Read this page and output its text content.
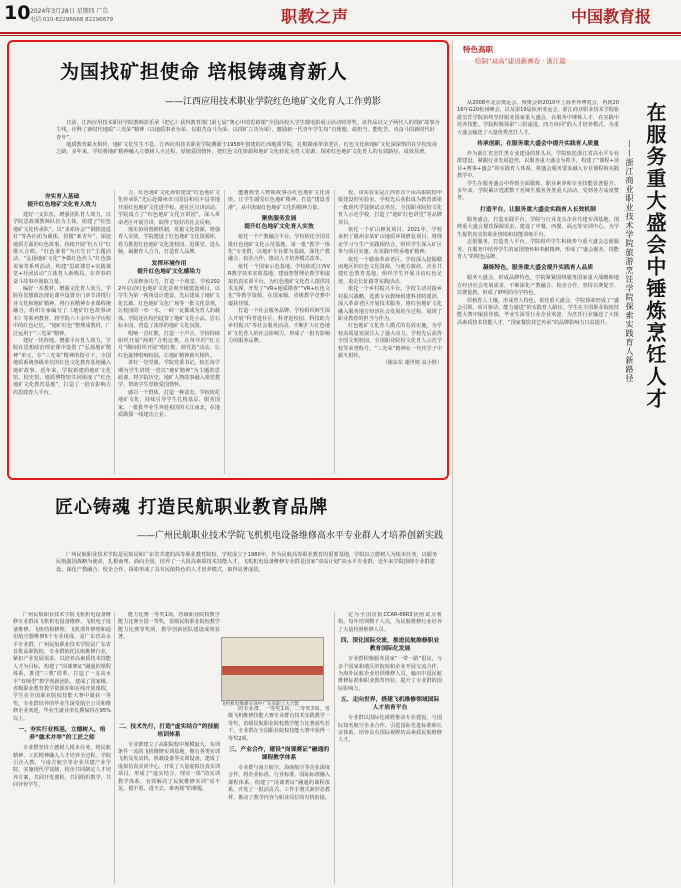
10 2024年3月28日 星期四 广告
电话:010-82296668 82296879	职教之声	中国教育报
为国找矿担使命 培根铸魂育新人
——江西应用技术职业学院红色地矿文化育人工作剪影

日前，江西应用技术职业学院教师彭乐承《把心》获得教育部门第七届“奥心中的思政课”全国高校大学生微电影展示活动特等奖。该作品以父子两代人的找矿故事为主线，诠释了新时代地质“三光荣”精神（以地质事业为荣、以艰苦奋斗为荣、以找矿立功为荣），激励新一代青年学生每“有理想、敢担当、能吃苦、肯奋斗的新时代好青年”。

地质教育薪火相传，地矿文化生生不息。江西应用技术职业学院溯源于1958年创建的江西地质学院，扎根赣南革命老区，红色文化和地矿文化深深烙印在学校发展之路。多年来，学校将地矿精神融入立德树人全过程，厚植爱国情怀，把红色文化资源和地矿文化转化为育人资源，探索红色地矿文化育人的有效路径，成效显著。

夯实育人基础
提升红色地矿文化育人效力

建好一支队伍。增强团队育人效力，以学院思政课教师队伍为主体，组建了“红色地矿文化传承队”，以“求索协会”“钢铁逍遥社”等各社团为载体，招揽“新青年”，深挖地质方面的红色故事，持续开展“红五月”红歌大合唱、“红色拿着”为庆生日”主题活动，“弘扬地矿文化”争做红色传人”红色演说家等系列活动，构建“思政课堂+实践课堂+社团活动”立体育人新格局，在青春的奋斗故事中汲取力量。

编好一本教材。增强文化育人效力，学院在思想政治理论课中设置专门章节讲授行业文化和地矿精神，将行业精神专业课程统融合，组织专家编写了《地矿红色故事读本》等系列教材，将学院六十余年办学历程中的红色记忆、“地矿红色”整理成教材，广泛运用于“三光荣”精神。

建好一块阵地。增强平台育人效力，学院在思想政治理论课中设置了“弘扬地矿精神”单元，在“三光荣”精神的指引下，全国地质系统各级单位的红色文化教育基地融入地矿故事。近年来，学院新建的地矿文化馆、校史馆、地质博物馆共同组成了“红色地矿文化教育基地”，打造了一批有影响力的思政育人平台。

力，红色地矿文化场馆建设“红色地矿文化传承队”先后赴赣州市兴国县和信丰县等地开展红色地矿文化进学校、进社区宣讲活动。学院成立了“红色地矿文化宣讲团”，深入革命老区开展宣讲，取得了较好的社会反响。

落实协同创新机制，发掘文化资源，增强育人实效，学院建设了红色地矿文化资源库，着力推进红色地矿文化进校园、进课堂、进头脑，凝聚育人合力，打造育人品牌。

发挥环境作用
提升红色地矿文化感染力

凸显修身功力，打造一个视觉。学校2022年启动红色地矿文化景观升级建设项目，以学生为第一视角设计建设，先后建成了地矿文化长廊、红色地矿文化广场等一批文化景观，让校园的一草一木、一砖一瓦都成为育人的载体。学院还在校内设置了地矿文化小品、岩石标本园，营造了浓厚的地矿文化氛围。

唱响一首红歌，打造一个声音。学校持续组织开展“两唱”合唱比赛，在每年的“红五月”期间组织开展“唱红歌、颂党恩”活动，让红色旋律唱响校园，让地矿精神薪火相传。

讲好一堂党课。学院党委书记、院长每学期为学生讲授一堂以“地矿精神”为主题的思政课，将学院历史、地矿人物故事融入课堂教学，帮助学生厚植爱国情怀。

感召一个群体，打造一种姿态。学校依托地矿文化，持续引导学生扎根基层、服务国家，一批批毕业生奔赴祖国的大江南北，在地质勘探一线建功立业。

遭遇典型人物和故事办红色地矿文化讲座，让学生感受红色地矿精神，打造“建设香港”，从中汲取红色地矿文化的精神力量。

聚焦服务发展
提升红色地矿文化育人实效

依托一个产教融合平台。学校依托全国首批红色地矿文化示范基地、第一批“教学一体化”专业群，以地矿专业群为基础，深化产教融合、校企合作，推动人才培养模式改革。

依托一个国家示范基地。学校依托江西VR教学技术实训基地，建设智慧理论教学和虚拟仿真实训平台，为红色地矿文化育人提供技术支撑，开发了“VR+地质勘查”“VR+红色文化”等教学资源，在国家级、省级教学竞赛中屡获佳绩。

打造一个社会服务品牌。学校组织师生深入开展“科普进社区、科普进校园、科技助力乡村振兴”等社会服务活动，不断扩大红色地矿文化育人的社会影响力，形成了一批有影响力的服务品牌。

校。该实验室是江西省首个由高职院校申报建设的实验室。学校先后获批成为教育部第一批现代学徒制试点单位、全国职业院校文化育人示范学校，打造了“地矿红色讲堂”等品牌项目。

依托一个矿山修复项目。2021年，学校承担了赣州市某矿山地质环境修复项目，将理论学习与生产实践相结合，组织学生深入矿区参与项目实施，在实践中传承地矿精神。

依托一个赣南革命老区。学校深入挖掘赣南地区的红色文化资源，与地方政府、企业共建红色教育基地，组织学生开展寻访红色足迹、重走长征路等实践活动。

依托一个乡村振兴平台。学校主动对接乡村振兴战略，选派专业教师组建科技特派团，深入革命老区开展技术服务，将红色地矿文化融入服务地方经济社会发展的全过程，展现了职业教育的担当与作为。

红色地矿文化育人模式的有效实施，为学校高质量发展注入了强大动力。学校先后获得全国文明校园、全国职业院校文化育人示范学校等荣誉称号，“三光荣”精神在一代代学子中薪火相传。

（陈东东 谢世树 高小胜）

特色高职
绘制“双高”建设新画卷 · 浙江篇
在服务重大盛会中锤炼烹饪人才
——浙江商业职业技术学院旅游烹饪学院探索实践育人新路径

从2008年北京奥运会、残奥会到2010年上海世界博览会，再到2016年G20杭州峰会，以及第19届杭州亚运会，浙江商业职业技术学院旅游烹饪学院始终坚持服务国家重大盛会，在服务中锤炼人才，在实践中培养技能。学院积极探索“三阶递进、四方协同”的人才培养模式，为重大盛会输送了大量优秀烹饪人才。

传承创新，在服务重大盛会中提升实践育人质量

作为浙江省烹饪类专业建设的排头兵，学院依托浙江省高水平专业群建设，紧跟行业发展趋势，以服务重大盛会为抓手，构建了“课程+项目+赛事+盛会”的实践育人体系，将盛会服务要求融入专业课程和实践教学中。

学生在服务盛会中得到全面锻炼，职业素养和专业技能显著提升。多年来，学院累计选派数千名师生服务各类重大活动，受到各方高度赞誉。

打造平台，让服务重大盛会实践育人长效机制

服务盛会，打造实践平台。学院与行业龙头企业共建实训基地，围绕重大盛会餐饮保障需求，建设了中餐、西餐、面点等实训中心，为学生提供真实的职业情境和技能训练平台。

志愿服务，打造育人平台。学院组织学生积极参与重大盛会志愿服务，在服务中培养学生的家国情怀和奉献精神，形成了“盛会服务、技能育人”的特色品牌。

凝练特色，服务重大盛会提升实践育人品质

服务大盛会，形成品牌特色。学院紧紧围绕服务国家重大战略和地方经济社会发展需求，不断深化产教融合、校企合作，坚持以赛促学、以赛促教，形成了鲜明的办学特色。

厚植育人土壤，形成育人特色。依托重大盛会，学院探索形成了“盛会引领、项目驱动、能力递进”的实践育人路径，学生在全国职业院校技能大赛中屡获佳绩，毕业生深受行业企业欢迎，为烹饪行业输送了大批高素质技术技能人才，“国家餐饮技艺传承”的品牌影响力日益提升。

匠心铸魂 打造民航职业教育品牌
——广州民航职业技术学院飞机机电设备维修高水平专业群人才培养创新实践

广州民航职业技术学院是民航局和广东省共建的高等职业教育院校，学校成立于1980年，作为民航高等职业教育的重要基地，学院以立德树人为根本任务，以服务民航强国战略为使命，扎根南粤、面向全国，培养了一大批高素质技术技能人才。飞机机电设备维修专业群是国家“双高计划”高水平专业群，近年来学院围绕专业群建设，深化产教融合、校企合作，探索形成了具有民航特色的人才培养模式，取得显著成效。

广州民航职业技术学院飞机机电设备维修专业群由飞机机电设备维修、飞机电子设备维修、飞机结构修理、飞机部件修理和通用航空器维修5个专业组成，是广东省高水平专业群，广州民航职业技术学院是广东省首批高职院校，专业群依托民航维修行业，紧扣产业发展需求，以培养高素质技术技能人才为目标，构建了“岗课赛证”融通的课程体系，推进“三教”改革，打造了一支高水平“双师型”教学创新团队，建成了国家级、省级职业教育教学资源库和在线开放课程，学生在全国职业院校技能大赛中屡获一等奖。专业群培养的毕业生深受航空公司和维修企业欢迎，毕业生就业率长期保持在95%以上。

一、夯实行业根基，立德树人，培养“德术并举”的工匠之师

专业群坚持立德树人根本任务，将民航精神、工匠精神融入人才培养全过程。学院引企入教，与南方航空等企业共建产业学院，实施现代学徒制，校企共同制定人才培养方案，共同开发课程，共同组织教学，共同评价学生。

能力比赛一等奖1项，省级职业院校教学能力比赛全国一等奖，省级民航职业院校教学能力比赛等奖项，教学创新团队建设成效显著。

二、技术先行，打造“虚实结合”的技能培训体系

专业群建立了高职院校中规模最大、实训条件一流的飞机维修实训基地，拥有各类实训飞机及发动机、机载设备等实训设备，建成了虚拟仿真实训中心，开发了大量虚拟仿真实训项目，形成了“虚实结合、理实一体”的实训教学体系，有效解决了民航维修实训“看不见、摸不着、进不去、难再现”的难题。

飞机机电维修实训中广东省职工大合影

的专业群，一等奖1项，二等奖3项。省级飞机维修技能大赛专业群有技术实践教学一等奖、省级民航职业院校教学能力比赛获奖若干，专业群在全国职业院校技能大赛中获得一等奖2项。

三、产业合作，建设“岗课赛证”融通的课程教学体系

专业群与南方航空、海南航空等企业深度合作，将企业标准、行业标准、国际标准融入课程体系，构建了“岗课赛证”融通的课程体系，开发了一批活页式、工作手册式新形态教材，推动了教学内容与职业岗位的有机衔接。

定为全国首批CCAR-66R3执照试点机构，每年培训数千人次，为民航维修行业培养了大量持照维修人员。

四、深化国际交流，推进民航维修职业教育国际化发展

专业群积极服务国家“一带一路”倡议，与多个国家和地区的院校和企业开展交流合作，为海外民航企业培训维修人员，输出中国民航维修标准和职业教育经验，提升了专业群的国际影响力。

五、走向世界，搭建飞机维修领域国际人才培育平台

专业群以国际化视野推动专业建设，与国际知名航空企业合作，引进国际先进标准和认证体系，培养具有国际视野的高素质民航维修人才。
